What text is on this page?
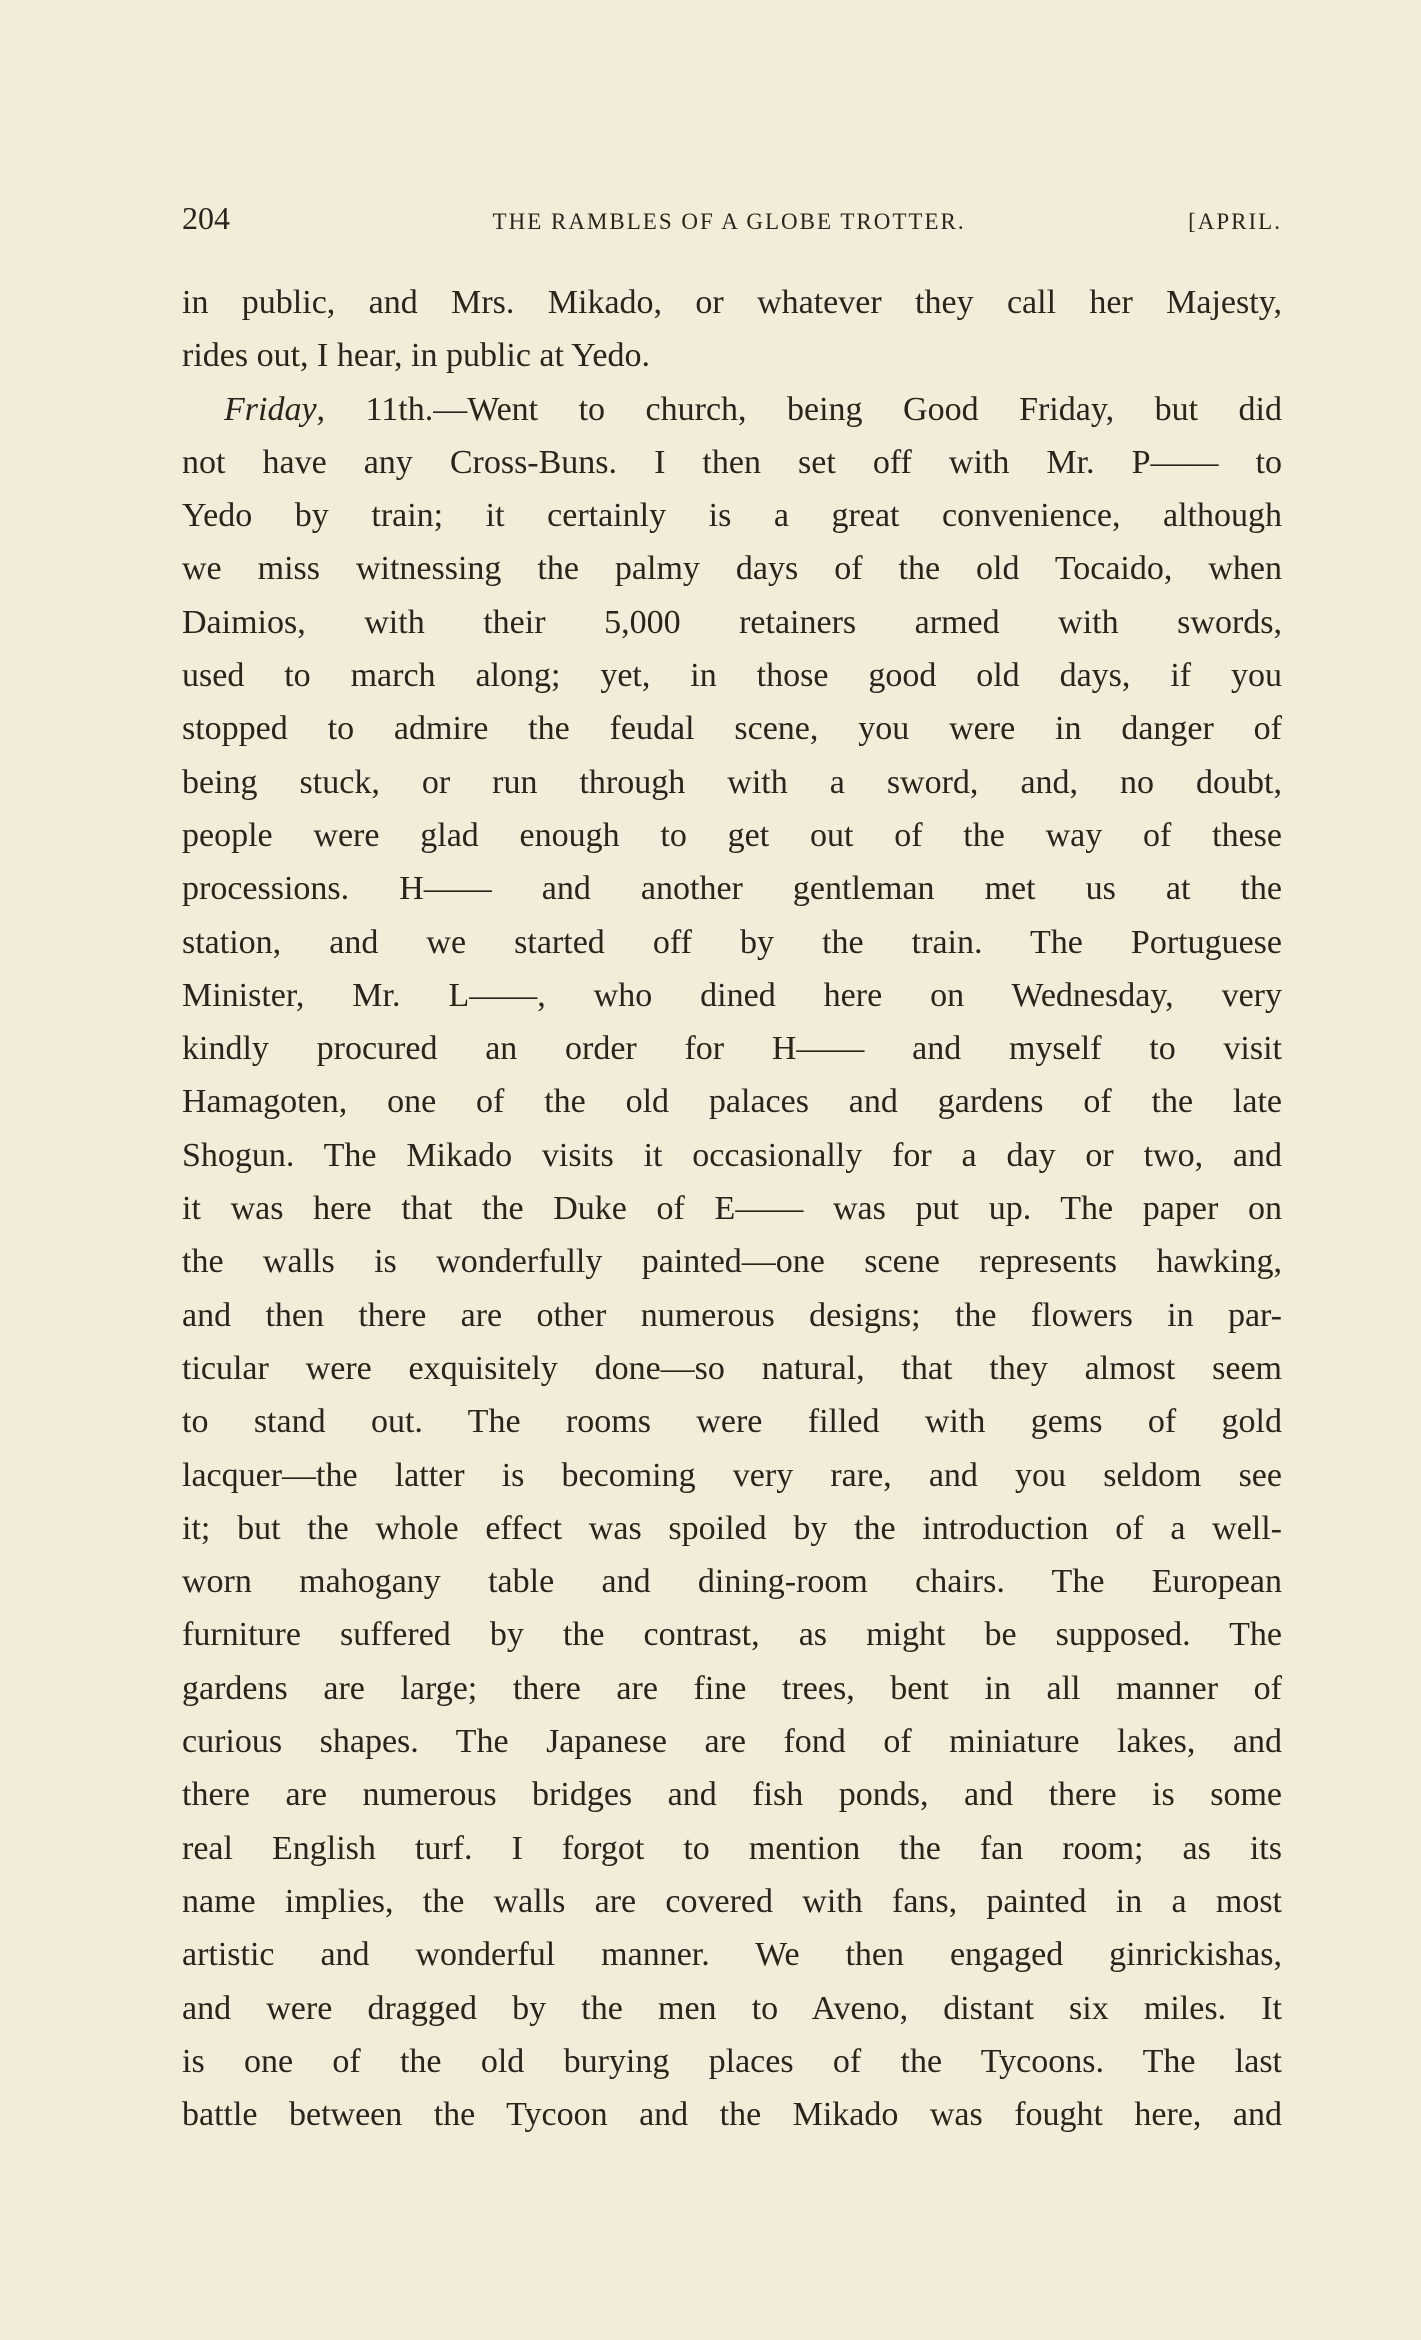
204	THE RAMBLES OF A GLOBE TROTTER.	[APRIL.
in public, and Mrs. Mikado, or whatever they call her Majesty,
rides out, I hear, in public at Yedo.
Friday, 11th.—Went to church, being Good Friday, but did
not have any Cross-Buns. I then set off with Mr. P—— to
Yedo by train; it certainly is a great convenience, although
we miss witnessing the palmy days of the old Tocaido, when
Daimios, with their 5,000 retainers armed with swords,
used to march along; yet, in those good old days, if you
stopped to admire the feudal scene, you were in danger of
being stuck, or run through with a sword, and, no doubt,
people were glad enough to get out of the way of these
processions. H—— and another gentleman met us at the
station, and we started off by the train. The Portuguese
Minister, Mr. L——, who dined here on Wednesday, very
kindly procured an order for H—— and myself to visit
Hamagoten, one of the old palaces and gardens of the late
Shogun. The Mikado visits it occasionally for a day or two, and
it was here that the Duke of E—— was put up. The paper on
the walls is wonderfully painted—one scene represents hawking,
and then there are other numerous designs; the flowers in par-
ticular were exquisitely done—so natural, that they almost seem
to stand out. The rooms were filled with gems of gold
lacquer—the latter is becoming very rare, and you seldom see
it; but the whole effect was spoiled by the introduction of a well-
worn mahogany table and dining-room chairs. The European
furniture suffered by the contrast, as might be supposed. The
gardens are large; there are fine trees, bent in all manner of
curious shapes. The Japanese are fond of miniature lakes, and
there are numerous bridges and fish ponds, and there is some
real English turf. I forgot to mention the fan room; as its
name implies, the walls are covered with fans, painted in a most
artistic and wonderful manner. We then engaged ginrickishas,
and were dragged by the men to Aveno, distant six miles. It
is one of the old burying places of the Tycoons. The last
battle between the Tycoon and the Mikado was fought here, and
